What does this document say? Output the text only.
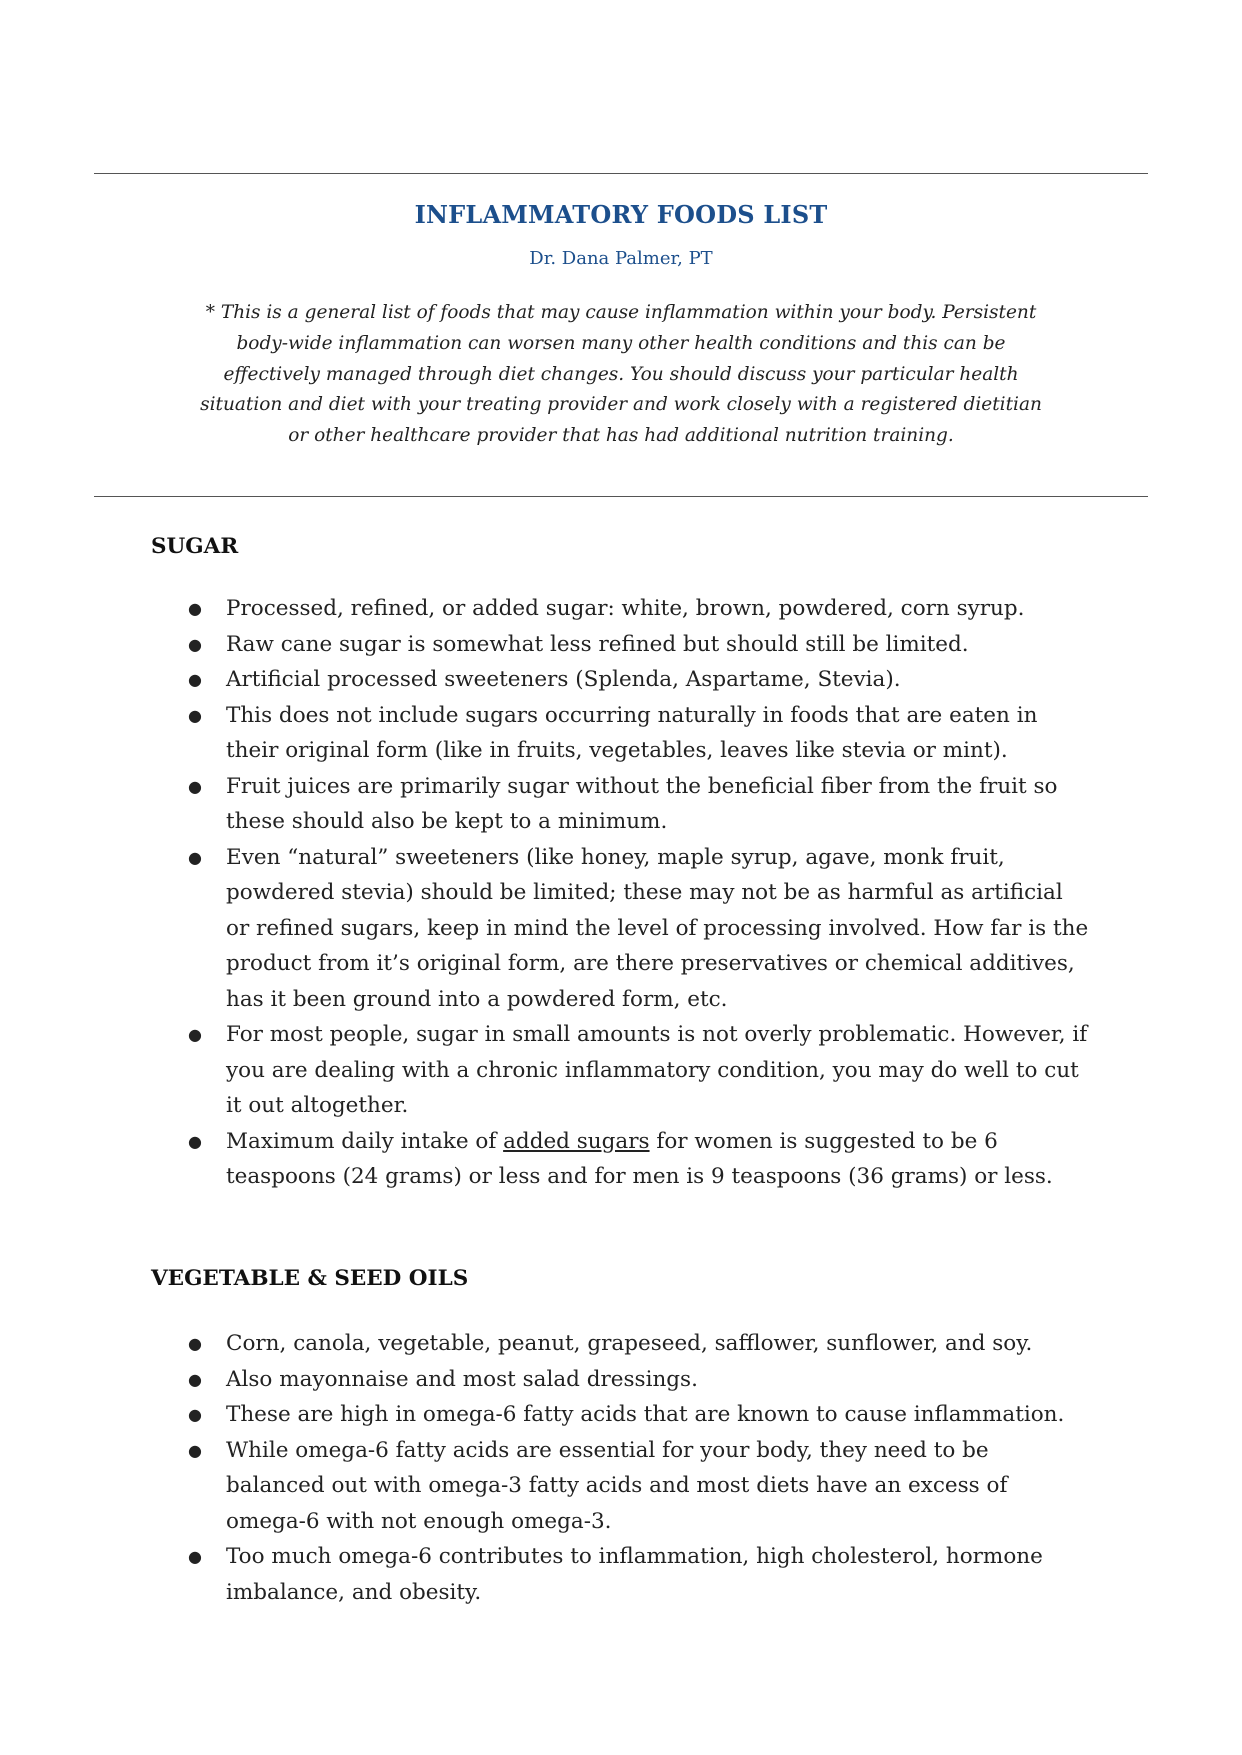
INFLAMMATORY FOODS LIST
Dr. Dana Palmer, PT
* This is a general list of foods that may cause inflammation within your body. Persistent body-wide inflammation can worsen many other health conditions and this can be effectively managed through diet changes. You should discuss your particular health situation and diet with your treating provider and work closely with a registered dietitian or other healthcare provider that has had additional nutrition training.
SUGAR
● Processed, refined, or added sugar: white, brown, powdered, corn syrup.
● Raw cane sugar is somewhat less refined but should still be limited.
● Artificial processed sweeteners (Splenda, Aspartame, Stevia).
● This does not include sugars occurring naturally in foods that are eaten in their original form (like in fruits, vegetables, leaves like stevia or mint).
● Fruit juices are primarily sugar without the beneficial fiber from the fruit so these should also be kept to a minimum.
● Even “natural” sweeteners (like honey, maple syrup, agave, monk fruit, powdered stevia) should be limited; these may not be as harmful as artificial or refined sugars, keep in mind the level of processing involved. How far is the product from it’s original form, are there preservatives or chemical additives, has it been ground into a powdered form, etc.
● For most people, sugar in small amounts is not overly problematic. However, if you are dealing with a chronic inflammatory condition, you may do well to cut it out altogether.
● Maximum daily intake of added sugars for women is suggested to be 6 teaspoons (24 grams) or less and for men is 9 teaspoons (36 grams) or less.
VEGETABLE & SEED OILS
● Corn, canola, vegetable, peanut, grapeseed, safflower, sunflower, and soy.
● Also mayonnaise and most salad dressings.
● These are high in omega-6 fatty acids that are known to cause inflammation.
● While omega-6 fatty acids are essential for your body, they need to be balanced out with omega-3 fatty acids and most diets have an excess of omega-6 with not enough omega-3.
● Too much omega-6 contributes to inflammation, high cholesterol, hormone imbalance, and obesity.
